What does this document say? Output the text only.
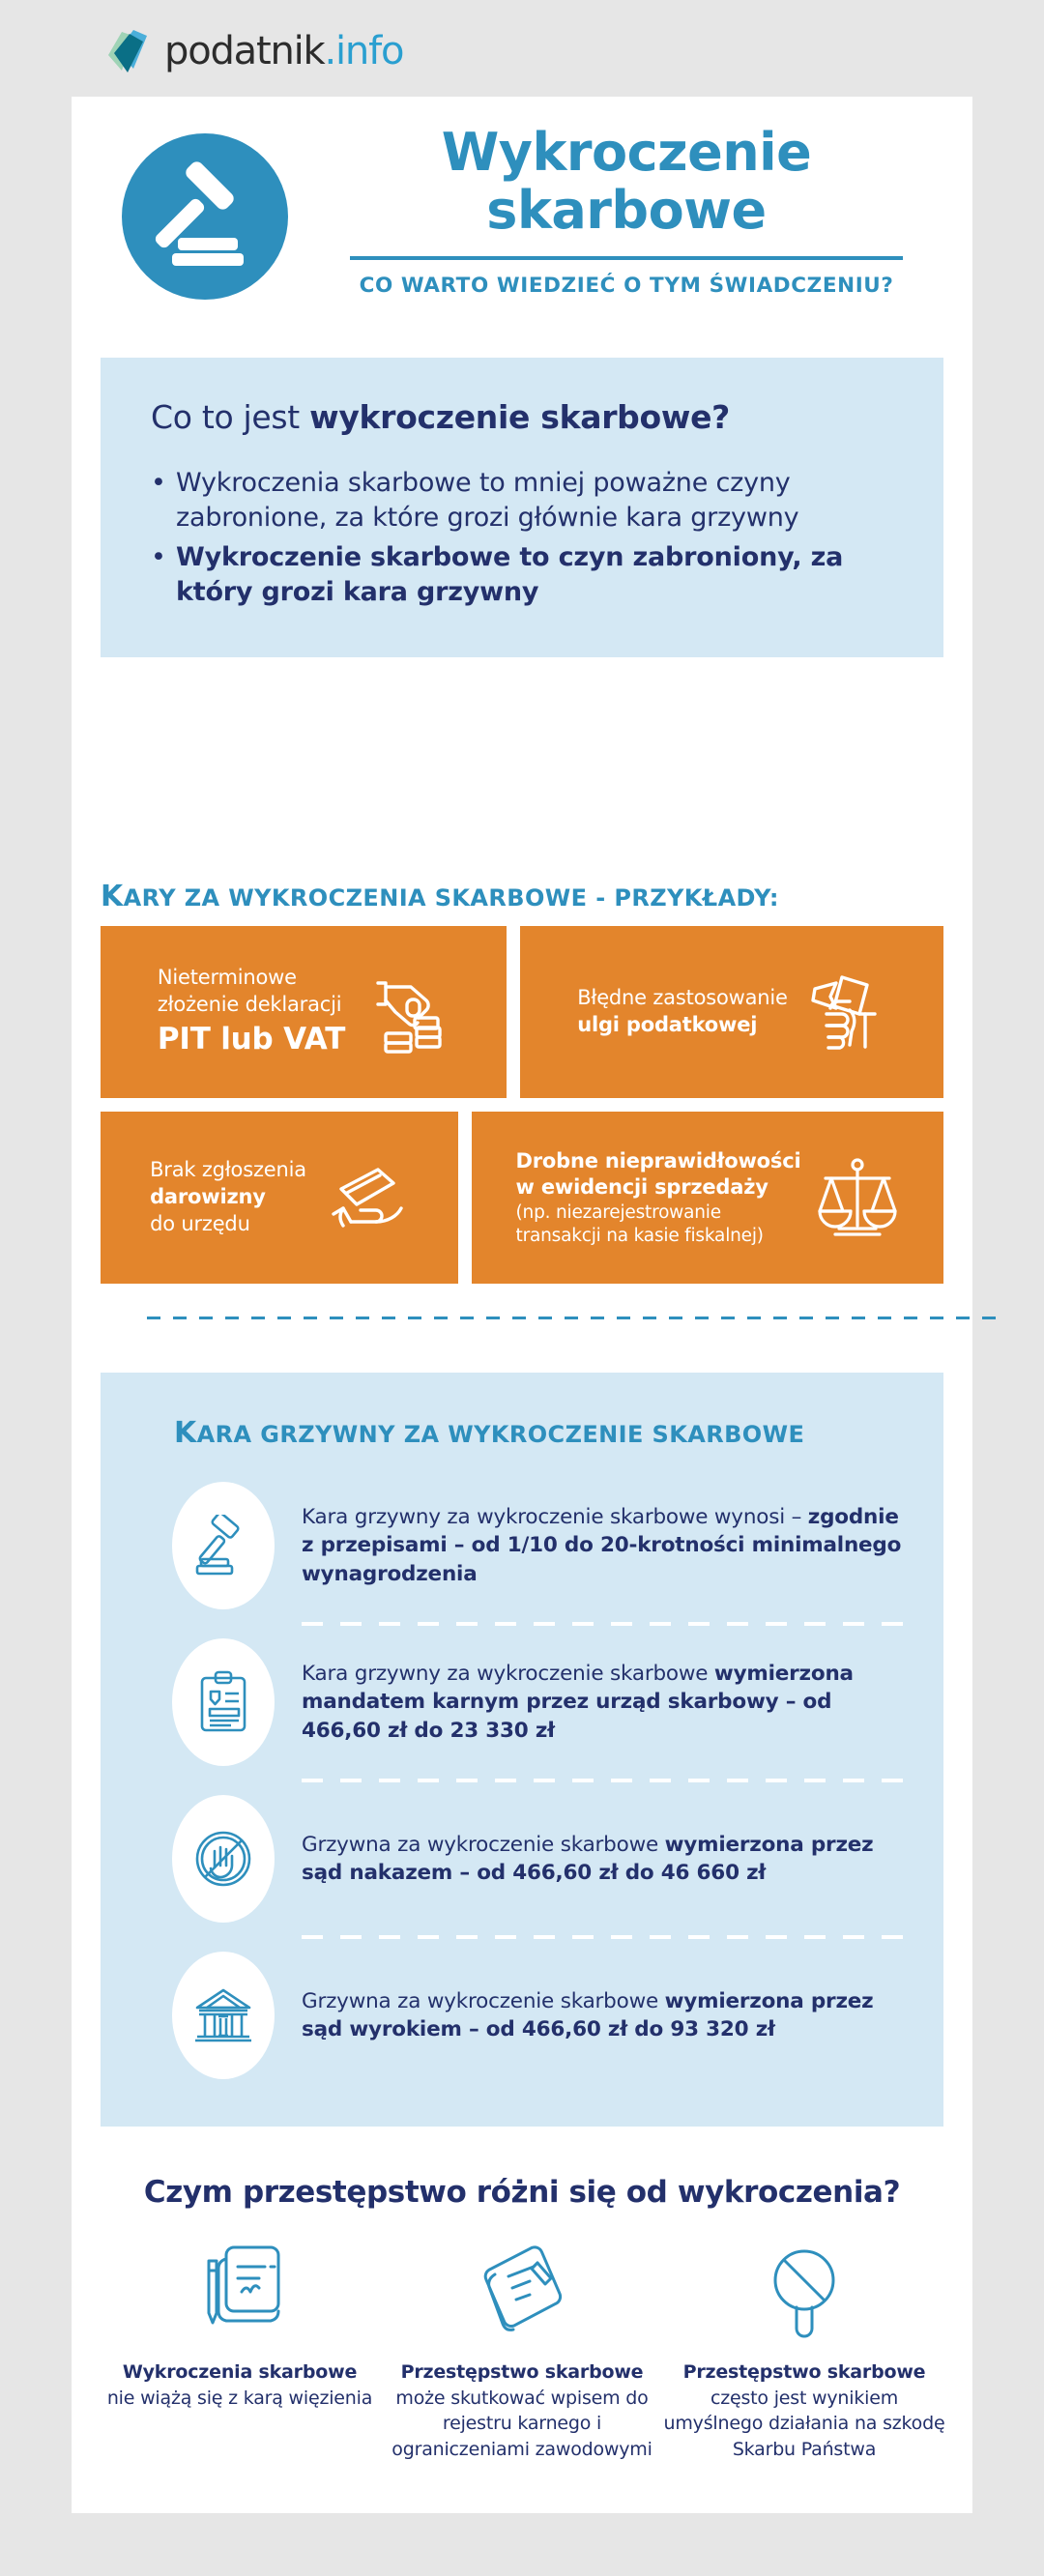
podatnik.info
Wykroczenie
skarbowe
CO WARTO WIEDZIEĆ O TYM ŚWIADCZENIU?
Co to jest wykroczenie skarbowe?
• Wykroczenia skarbowe to mniej poważne czyny zabronione, za które grozi głównie kara grzywny
• Wykroczenie skarbowe to czyn zabroniony, za który grozi kara grzywny
KARY ZA WYKROCZENIA SKARBOWE - PRZYKŁADY:
Nieterminowe
złożenie deklaracji
PIT lub VAT
Błędne zastosowanie
ulgi podatkowej
Brak zgłoszenia
darowizny
do urzędu
Drobne nieprawidłowości
w ewidencji sprzedaży
(np. niezarejestrowanie
transakcji na kasie fiskalnej)
KARA GRZYWNY ZA WYKROCZENIE SKARBOWE
Kara grzywny za wykroczenie skarbowe wynosi – zgodnie z przepisami – od 1/10 do 20-krotności minimalnego wynagrodzenia
Kara grzywny za wykroczenie skarbowe wymierzona mandatem karnym przez urząd skarbowy – od 466,60 zł do 23 330 zł
Grzywna za wykroczenie skarbowe wymierzona przez sąd nakazem – od 466,60 zł do 46 660 zł
Grzywna za wykroczenie skarbowe wymierzona przez sąd wyrokiem – od 466,60 zł do 93 320 zł
Czym przestępstwo różni się od wykroczenia?
Wykroczenia skarbowe
nie wiążą się z karą więzienia
Przestępstwo skarbowe
może skutkować wpisem do rejestru karnego i ograniczeniami zawodowymi
Przestępstwo skarbowe
często jest wynikiem umyślnego działania na szkodę Skarbu Państwa
